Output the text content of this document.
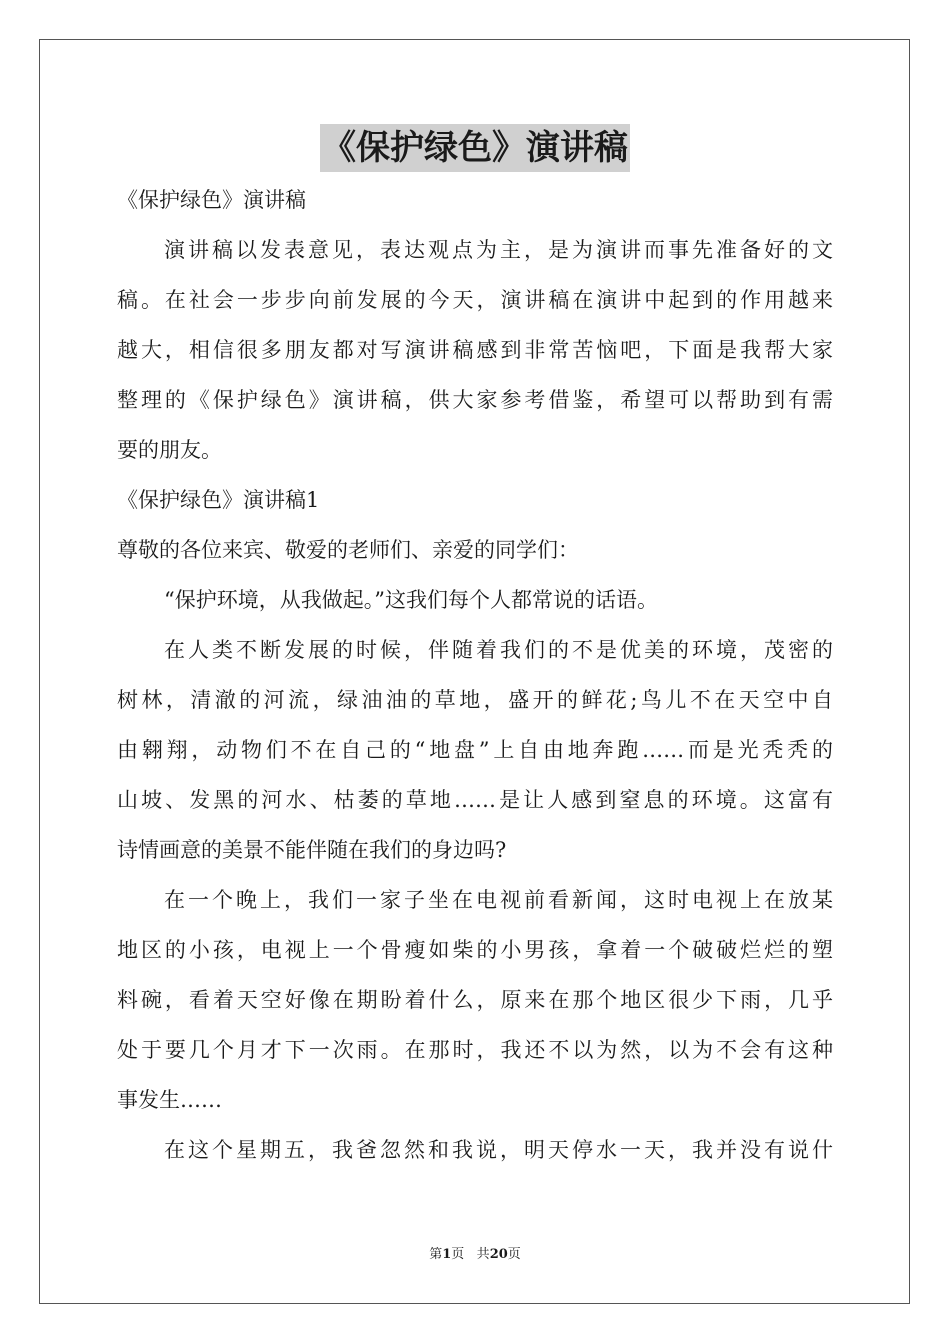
《保护绿色》演讲稿

《保护绿色》演讲稿

演讲稿以发表意见，表达观点为主，是为演讲而事先准备好的文

稿。在社会一步步向前发展的今天，演讲稿在演讲中起到的作用越来

越大，相信很多朋友都对写演讲稿感到非常苦恼吧，下面是我帮大家

整理的《保护绿色》演讲稿，供大家参考借鉴，希望可以帮助到有需

要的朋友。

《保护绿色》演讲稿1

尊敬的各位来宾、敬爱的老师们、亲爱的同学们：

“保护环境，从我做起。”这我们每个人都常说的话语。

在人类不断发展的时候，伴随着我们的不是优美的环境，茂密的

树林，清澈的河流，绿油油的草地，盛开的鲜花;鸟儿不在天空中自

由翱翔，动物们不在自己的“地盘”上自由地奔跑……而是光秃秃的

山坡、发黑的河水、枯萎的草地……是让人感到窒息的环境。这富有

诗情画意的美景不能伴随在我们的身边吗?

在一个晚上，我们一家子坐在电视前看新闻，这时电视上在放某

地区的小孩，电视上一个骨瘦如柴的小男孩，拿着一个破破烂烂的塑

料碗，看着天空好像在期盼着什么，原来在那个地区很少下雨，几乎

处于要几个月才下一次雨。在那时，我还不以为然，以为不会有这种

事发生……

在这个星期五，我爸忽然和我说，明天停水一天，我并没有说什

第1页 共20页
